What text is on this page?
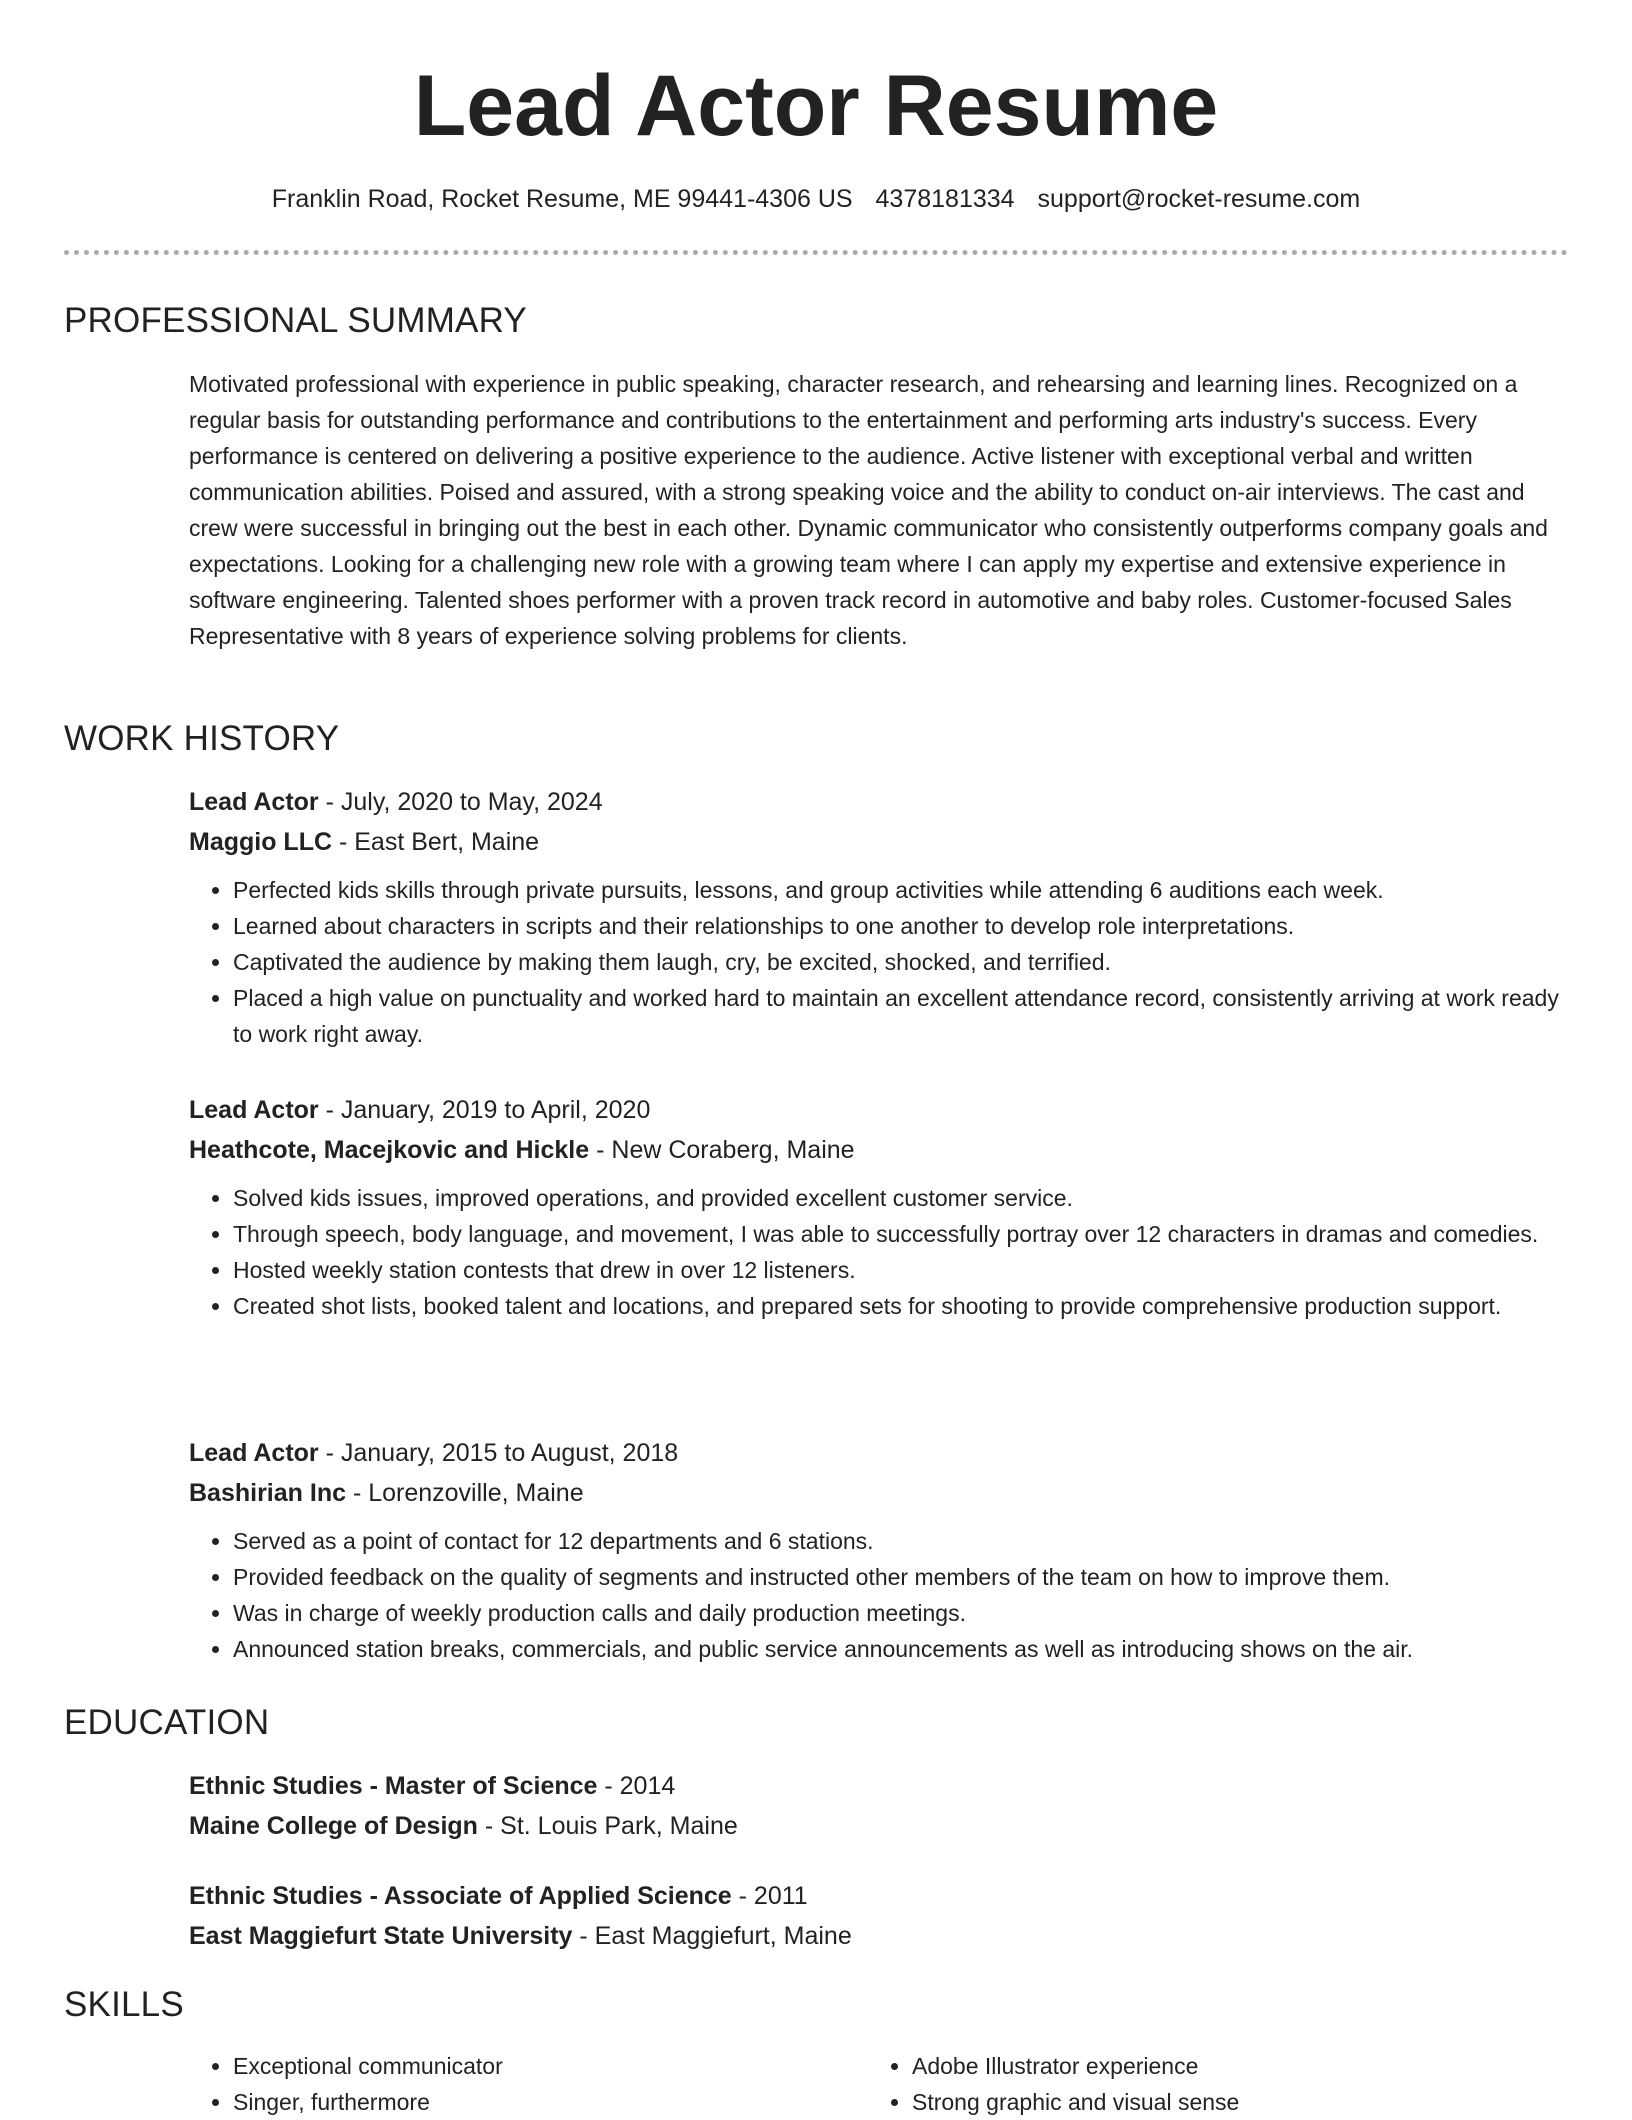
Lead Actor Resume
Franklin Road, Rocket Resume, ME 99441-4306 US 4378181334 support@rocket-resume.com
PROFESSIONAL SUMMARY

Motivated professional with experience in public speaking, character research, and rehearsing and learning lines. Recognized on a regular basis for outstanding performance and contributions to the entertainment and performing arts industry's success. Every performance is centered on delivering a positive experience to the audience. Active listener with exceptional verbal and written communication abilities. Poised and assured, with a strong speaking voice and the ability to conduct on-air interviews. The cast and crew were successful in bringing out the best in each other. Dynamic communicator who consistently outperforms company goals and expectations. Looking for a challenging new role with a growing team where I can apply my expertise and extensive experience in software engineering. Talented shoes performer with a proven track record in automotive and baby roles. Customer-focused Sales Representative with 8 years of experience solving problems for clients.

WORK HISTORY

Lead Actor - July, 2020 to May, 2024

Maggio LLC - East Bert, Maine

• Perfected kids skills through private pursuits, lessons, and group activities while attending 6 auditions each week.
• Learned about characters in scripts and their relationships to one another to develop role interpretations.
• Captivated the audience by making them laugh, cry, be excited, shocked, and terrified.
• Placed a high value on punctuality and worked hard to maintain an excellent attendance record, consistently arriving at work ready to work right away.

Lead Actor - January, 2019 to April, 2020

Heathcote, Macejkovic and Hickle - New Coraberg, Maine

• Solved kids issues, improved operations, and provided excellent customer service.
• Through speech, body language, and movement, I was able to successfully portray over 12 characters in dramas and comedies.
• Hosted weekly station contests that drew in over 12 listeners.
• Created shot lists, booked talent and locations, and prepared sets for shooting to provide comprehensive production support.

Lead Actor - January, 2015 to August, 2018

Bashirian Inc - Lorenzoville, Maine

• Served as a point of contact for 12 departments and 6 stations.
• Provided feedback on the quality of segments and instructed other members of the team on how to improve them.
• Was in charge of weekly production calls and daily production meetings.
• Announced station breaks, commercials, and public service announcements as well as introducing shows on the air.
EDUCATION

Ethnic Studies - Master of Science - 2014

Maine College of Design - St. Louis Park, Maine

Ethnic Studies - Associate of Applied Science - 2011

East Maggiefurt State University - East Maggiefurt, Maine

SKILLS
• Exceptional communicator
• Singer, furthermore
• Adobe Illustrator experience
• Strong graphic and visual sense
